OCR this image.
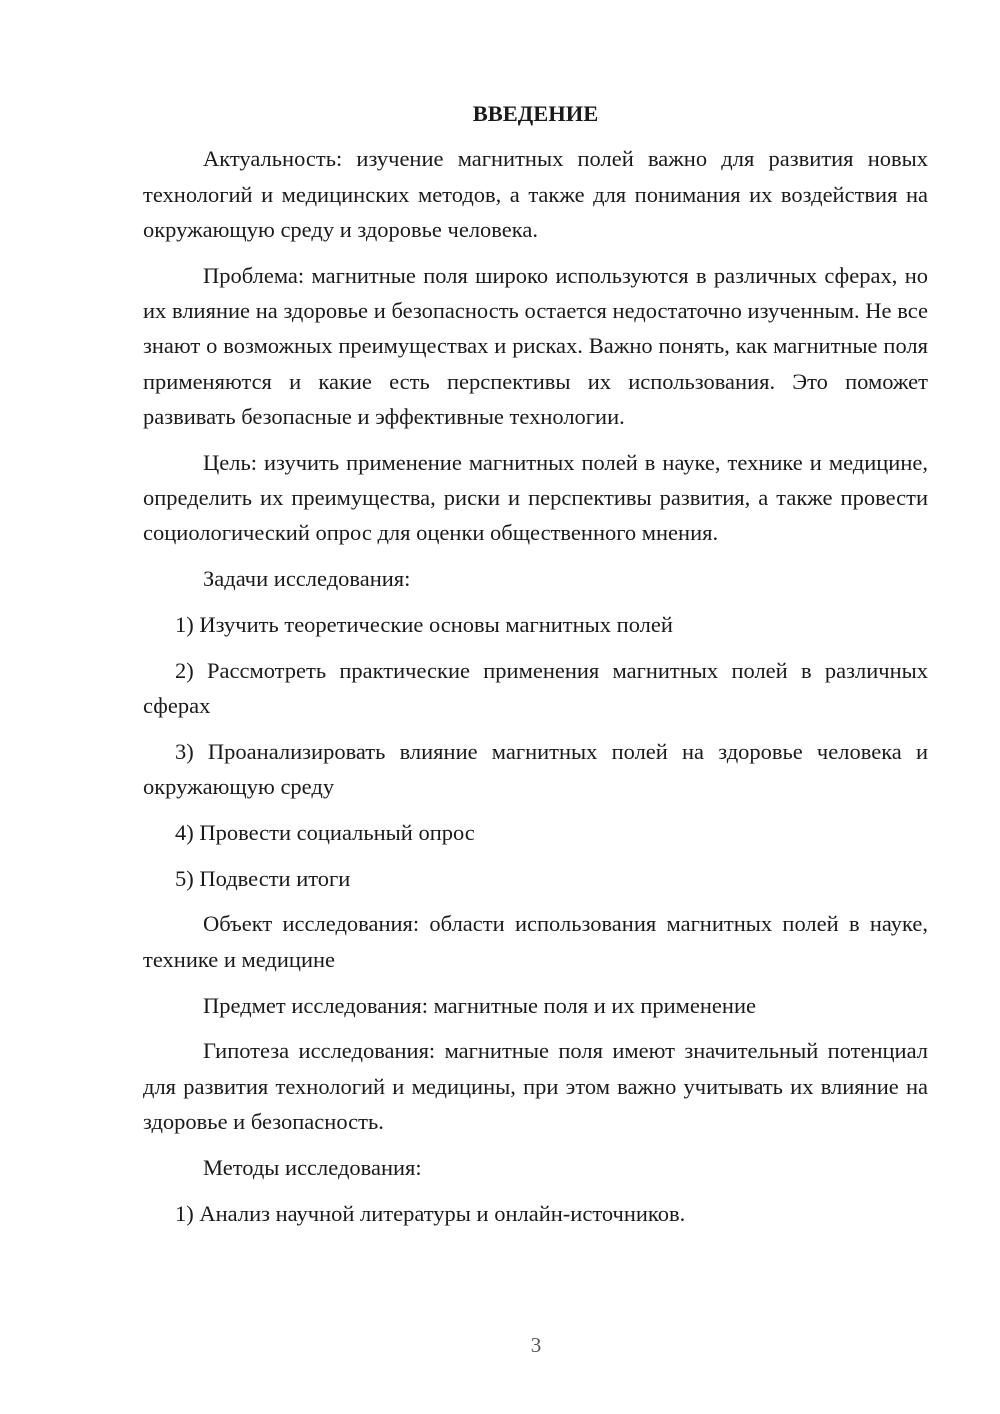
ВВЕДЕНИЕ

Актуальность: изучение магнитных полей важно для развития новых технологий и медицинских методов, а также для понимания их воздействия на окружающую среду и здоровье человека.

Проблема: магнитные поля широко используются в различных сферах, но их влияние на здоровье и безопасность остается недостаточно изученным. Не все знают о возможных преимуществах и рисках. Важно понять, как магнитные поля применяются и какие есть перспективы их использования. Это поможет развивать безопасные и эффективные технологии.

Цель: изучить применение магнитных полей в науке, технике и медицине, определить их преимущества, риски и перспективы развития, а также провести социологический опрос для оценки общественного мнения.

Задачи исследования:

1) Изучить теоретические основы магнитных полей

2) Рассмотреть практические применения магнитных полей в различных сферах

3) Проанализировать влияние магнитных полей на здоровье человека и окружающую среду

4) Провести социальный опрос

5) Подвести итоги

Объект исследования: области использования магнитных полей в науке, технике и медицине

Предмет исследования: магнитные поля и их применение

Гипотеза исследования: магнитные поля имеют значительный потенциал для развития технологий и медицины, при этом важно учитывать их влияние на здоровье и безопасность.

Методы исследования:

1) Анализ научной литературы и онлайн-источников.

3
